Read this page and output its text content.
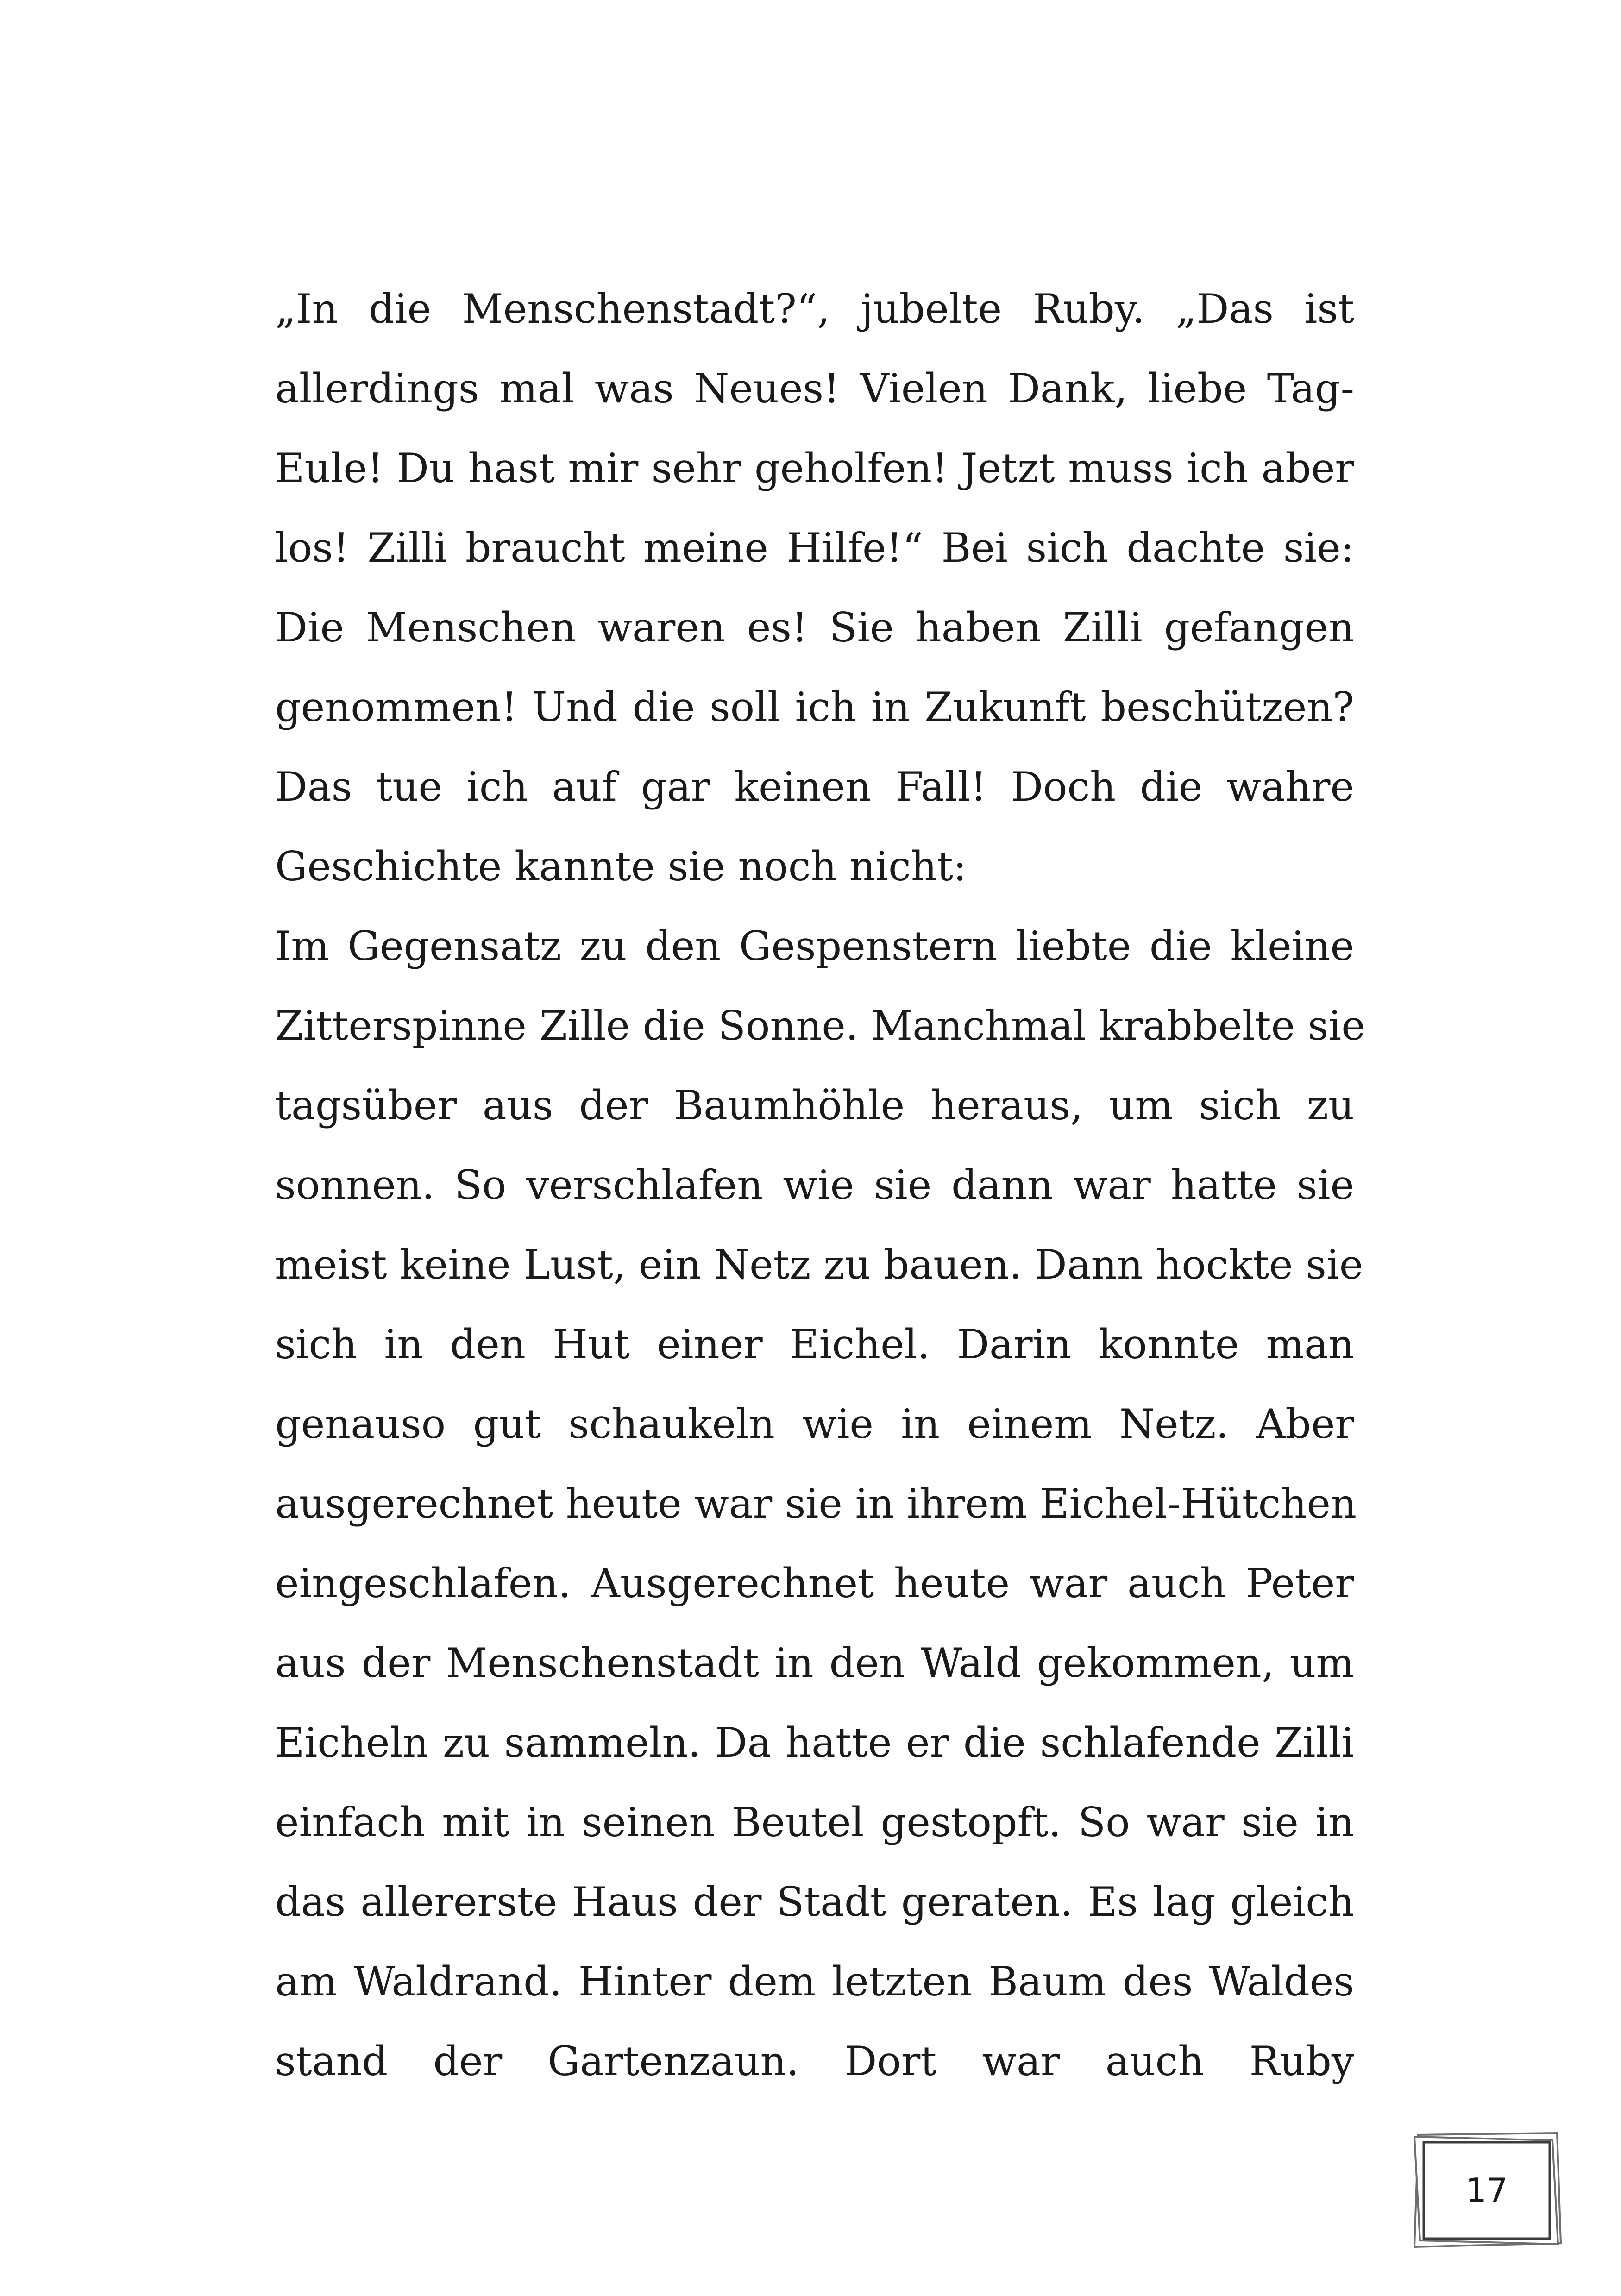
„In die Menschenstadt?“, jubelte Ruby. „Das ist
allerdings mal was Neues! Vielen Dank, liebe Tag-
Eule! Du hast mir sehr geholfen! Jetzt muss ich aber
los! Zilli braucht meine Hilfe!“ Bei sich dachte sie:
Die Menschen waren es! Sie haben Zilli gefangen
genommen! Und die soll ich in Zukunft beschützen?
Das tue ich auf gar keinen Fall! Doch die wahre
Geschichte kannte sie noch nicht:
Im Gegensatz zu den Gespenstern liebte die kleine
Zitterspinne Zille die Sonne. Manchmal krabbelte sie
tagsüber aus der Baumhöhle heraus, um sich zu
sonnen. So verschlafen wie sie dann war hatte sie
meist keine Lust, ein Netz zu bauen. Dann hockte sie
sich in den Hut einer Eichel. Darin konnte man
genauso gut schaukeln wie in einem Netz. Aber
ausgerechnet heute war sie in ihrem Eichel-Hütchen
eingeschlafen. Ausgerechnet heute war auch Peter
aus der Menschenstadt in den Wald gekommen, um
Eicheln zu sammeln. Da hatte er die schlafende Zilli
einfach mit in seinen Beutel gestopft. So war sie in
das allererste Haus der Stadt geraten. Es lag gleich
am Waldrand. Hinter dem letzten Baum des Waldes
stand der Gartenzaun. Dort war auch Ruby
17
